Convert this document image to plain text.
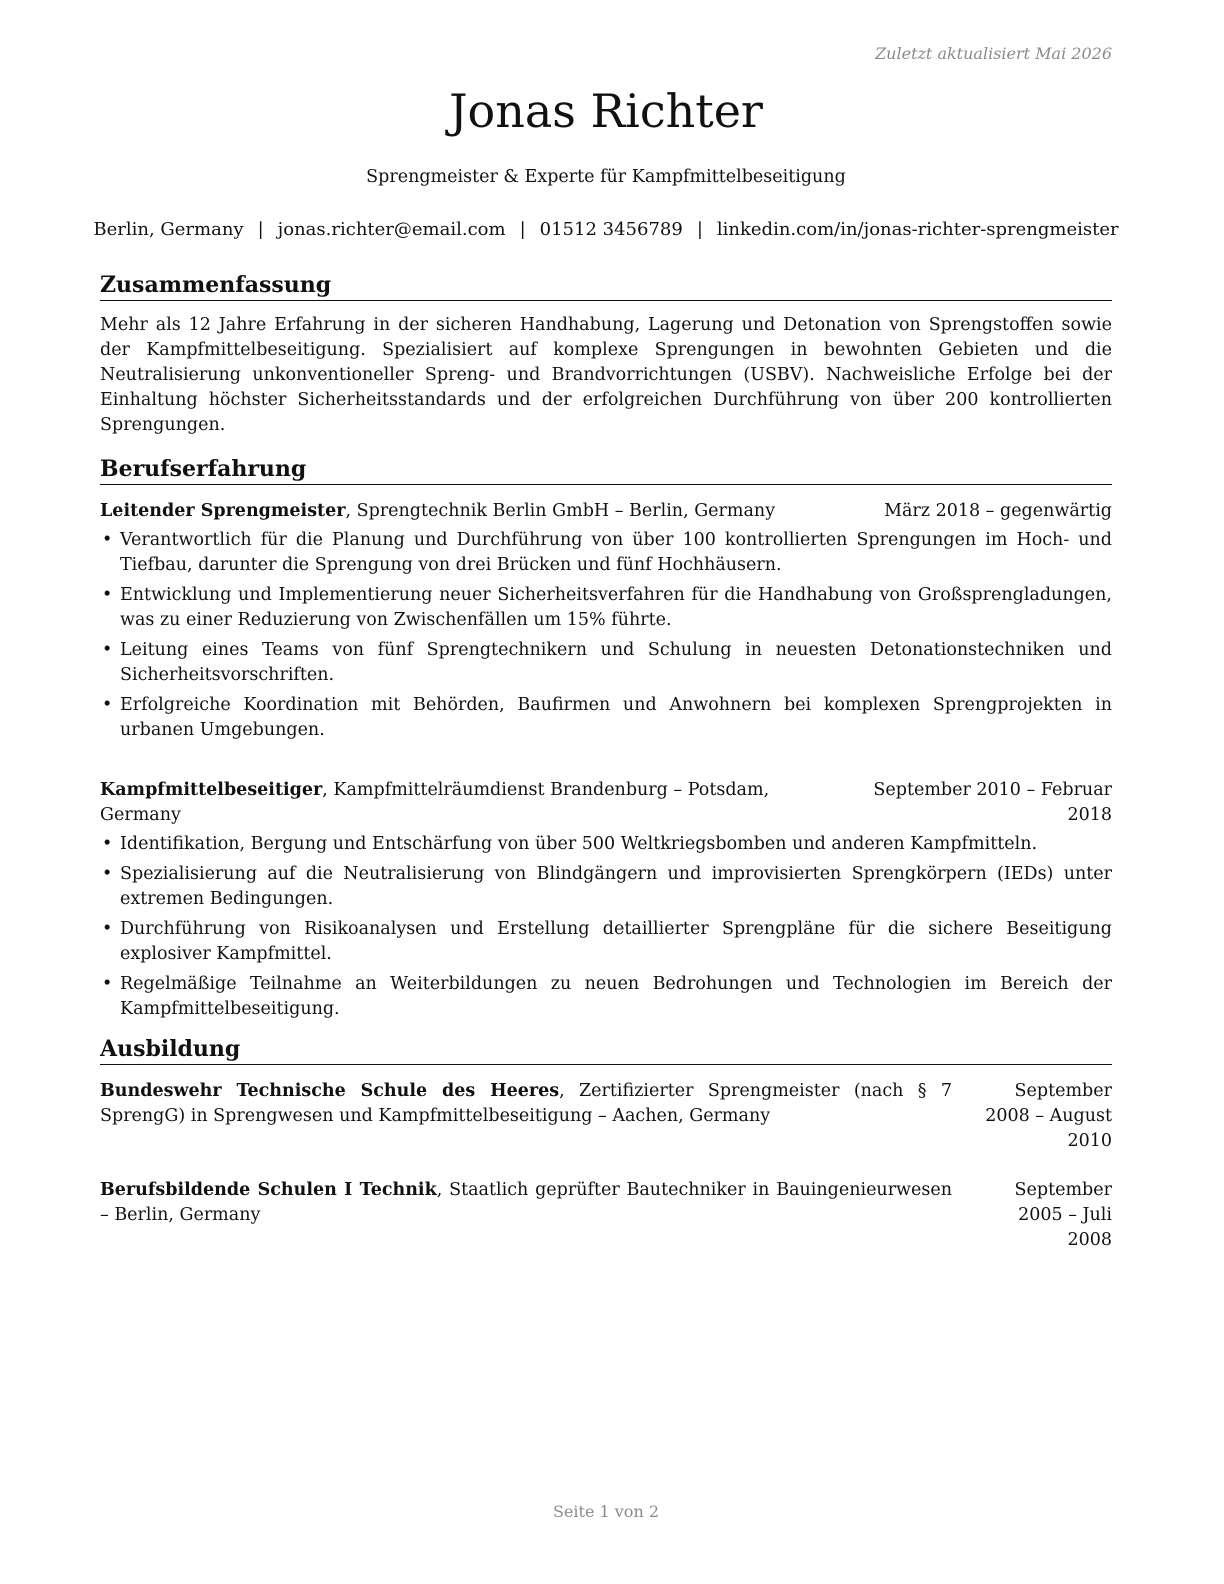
Zuletzt aktualisiert Mai 2026
Jonas Richter
Sprengmeister & Experte für Kampfmittelbeseitigung
Berlin, Germany | jonas.richter@email.com | 01512 3456789 | linkedin.com/in/jonas-richter-sprengmeister
Zusammenfassung

Mehr als 12 Jahre Erfahrung in der sicheren Handhabung, Lagerung und Detonation von Sprengstoffen sowie der Kampfmittelbeseitigung. Spezialisiert auf komplexe Sprengungen in bewohnten Gebieten und die Neutralisierung unkonventioneller Spreng- und Brandvorrichtungen (USBV). Nachweisliche Erfolge bei der Einhaltung höchster Sicherheitsstandards und der erfolgreichen Durchführung von über 200 kontrollierten Sprengungen.

Berufserfahrung
Leitender Sprengmeister, Sprengtechnik Berlin GmbH – Berlin, Germany	März 2018 – gegenwärtig
• Verantwortlich für die Planung und Durchführung von über 100 kontrollierten Sprengungen im Hoch- und Tiefbau, darunter die Sprengung von drei Brücken und fünf Hochhäusern.
• Entwicklung und Implementierung neuer Sicherheitsverfahren für die Handhabung von Großsprengladungen, was zu einer Reduzierung von Zwischenfällen um 15% führte.
• Leitung eines Teams von fünf Sprengtechnikern und Schulung in neuesten Detonationstechniken und Sicherheitsvorschriften.
• Erfolgreiche Koordination mit Behörden, Baufirmen und Anwohnern bei komplexen Sprengprojekten in urbanen Umgebungen.
Kampfmittelbeseitiger, Kampfmittelräumdienst Brandenburg – Potsdam, Germany
September 2010 – Februar 2018
• Identifikation, Bergung und Entschärfung von über 500 Weltkriegsbomben und anderen Kampfmitteln.
• Spezialisierung auf die Neutralisierung von Blindgängern und improvisierten Sprengkörpern (IEDs) unter extremen Bedingungen.
• Durchführung von Risikoanalysen und Erstellung detaillierter Sprengpläne für die sichere Beseitigung explosiver Kampfmittel.
• Regelmäßige Teilnahme an Weiterbildungen zu neuen Bedrohungen und Technologien im Bereich der Kampfmittelbeseitigung.
Ausbildung
Bundeswehr Technische Schule des Heeres, Zertifizierter Sprengmeister (nach § 7 SprengG) in Sprengwesen und Kampfmittelbeseitigung – Aachen, Germany
September 2008 – August 2010
Berufsbildende Schulen I Technik, Staatlich geprüfter Bautechniker in Bauingenieurwesen – Berlin, Germany
September 2005 – Juli 2008
Seite 1 von 2
